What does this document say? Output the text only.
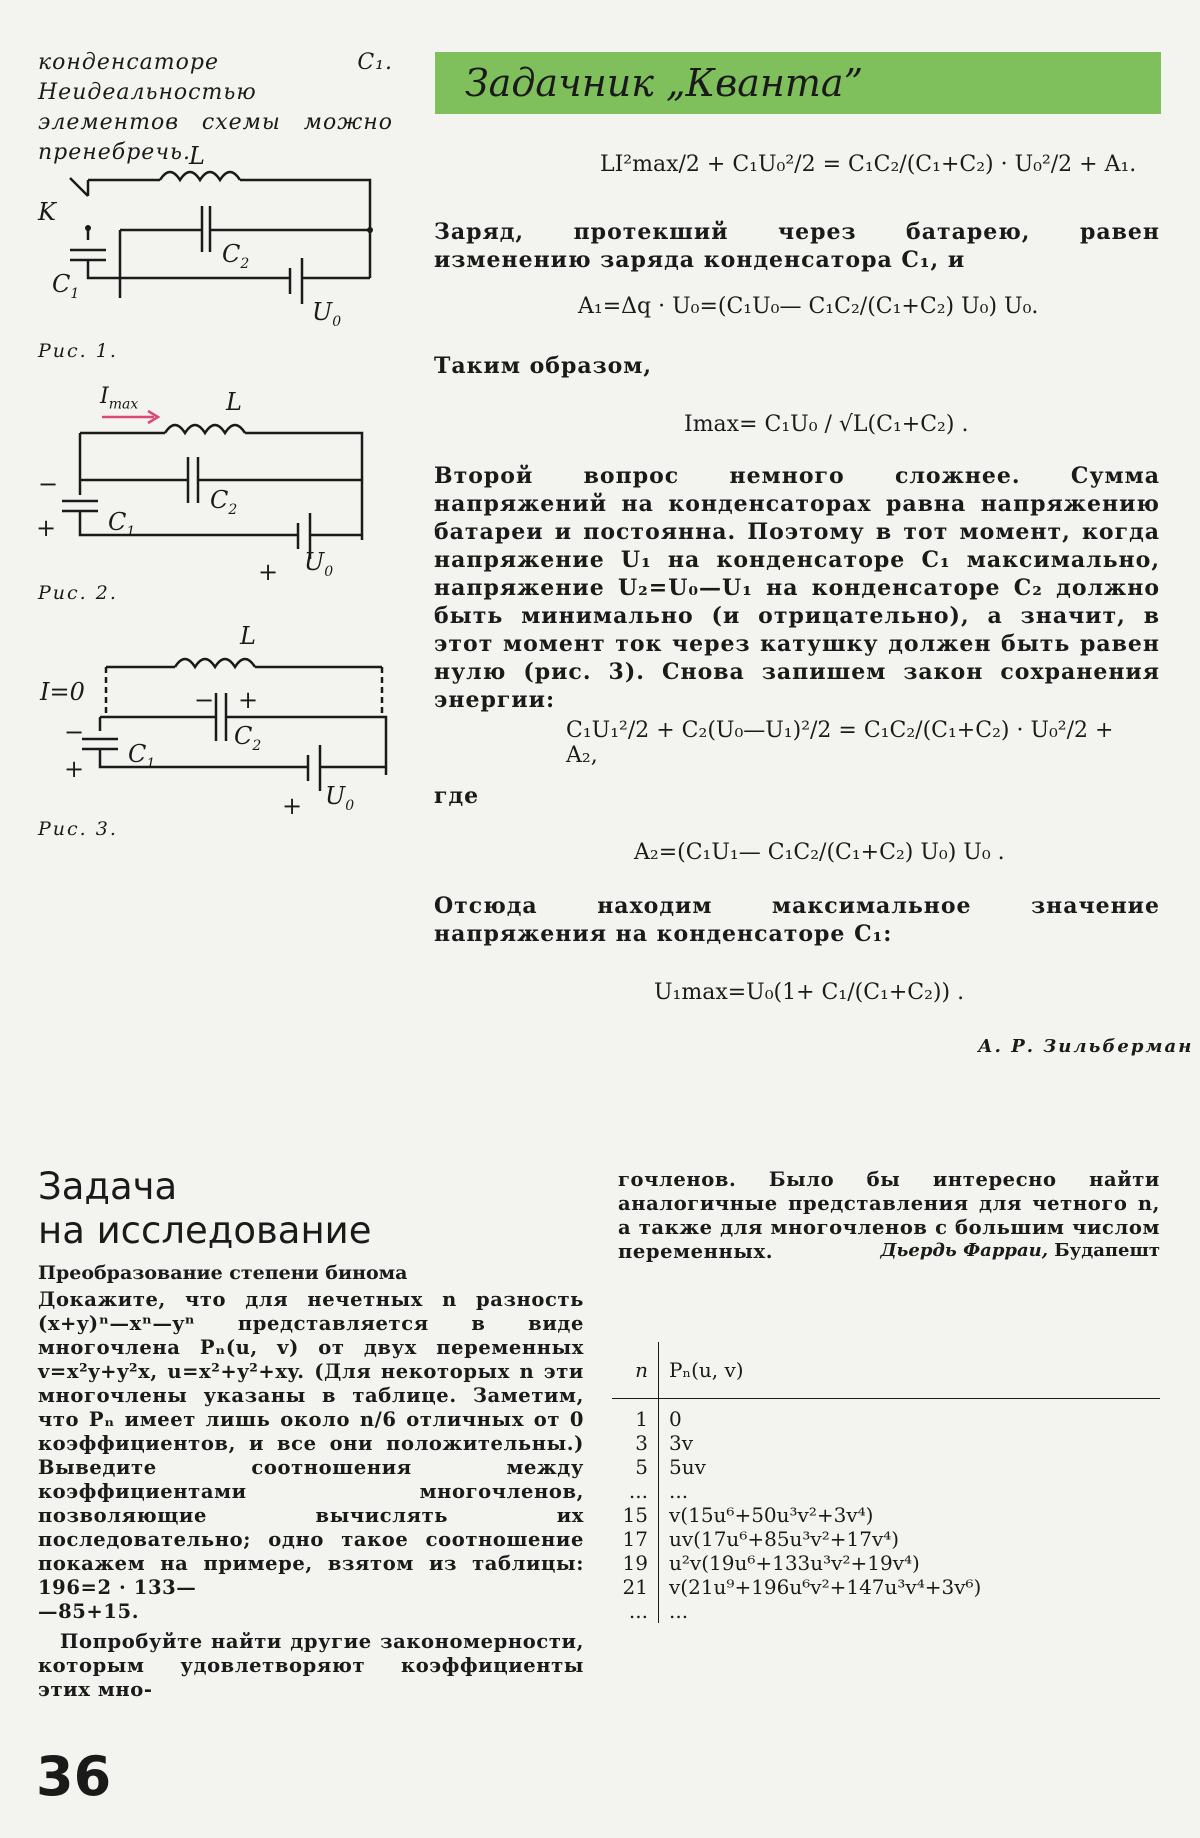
конденсаторе C₁. Неидеальностью элементов схемы можно пренебречь.
L
K
$C_1$
$C_2$
$U_0$
Рис. 1.
$I_{max}$	L
−
+ $C_1$
$C_2$
+ $U_0$
Рис. 2.
L
I=0	− +
$C_2$
−
+
$C_1$
+ $U_0$
Рис. 3.
Задачник „Кванта”
LI²max/2 + C₁U₀²/2 = C₁C₂/(C₁+C₂) · U₀²/2 + A₁.
Заряд, протекший через батарею, равен изменению заряда конденсатора C₁, и
A₁=Δq · U₀=(C₁U₀— C₁C₂/(C₁+C₂) U₀) U₀.
Таким образом,
Imax= C₁U₀ / √L(C₁+C₂) .
Второй вопрос немного сложнее. Сумма напряжений на конденсаторах равна напряжению батареи и постоянна. Поэтому в тот момент, когда напряжение U₁ на конденсаторе C₁ максимально, напряжение U₂=U₀—U₁ на конденсаторе C₂ должно быть минимально (и отрицательно), а значит, в этот момент ток через катушку должен быть равен нулю (рис. 3). Снова запишем закон сохранения энергии:
C₁U₁²/2 + C₂(U₀—U₁)²/2 = C₁C₂/(C₁+C₂) · U₀²/2 + A₂,
где
A₂=(C₁U₁— C₁C₂/(C₁+C₂) U₀) U₀ .
Отсюда находим максимальное значение напряжения на конденсаторе C₁:
U₁max=U₀(1+ C₁/(C₁+C₂)) .
А. Р. Зильберман
Задача
на исследование
Преобразование степени бинома
Докажите, что для нечетных n разность (x+y)ⁿ—xⁿ—yⁿ представляется в виде многочлена Pₙ(u, v) от двух переменных v=x²y+y²x, u=x²+y²+xy. (Для некоторых n эти многочлены указаны в таблице. Заметим, что Pₙ имеет лишь около n/6 отличных от 0 коэффициентов, и все они положительны.) Выведите соотношения между коэффициентами многочленов, позволяющие вычислять их последовательно; одно такое соотношение покажем на примере, взятом из таблицы: 196=2 · 133—
—85+15.
Попробуйте найти другие закономерности, которым удовлетворяют коэффициенты этих мно-
гочленов. Было бы интересно найти аналогичные представления для четного n, а также для многочленов с большим числом переменных.	Дьердь Фарраи, Будапешт
n	Pₙ(u, v)
1	0
3	3v
5	5uv
...	...
15	v(15u⁶+50u³v²+3v⁴)
17	uv(17u⁶+85u³v²+17v⁴)
19	u²v(19u⁶+133u³v²+19v⁴)
21	v(21u⁹+196u⁶v²+147u³v⁴+3v⁶)
...	...
36
